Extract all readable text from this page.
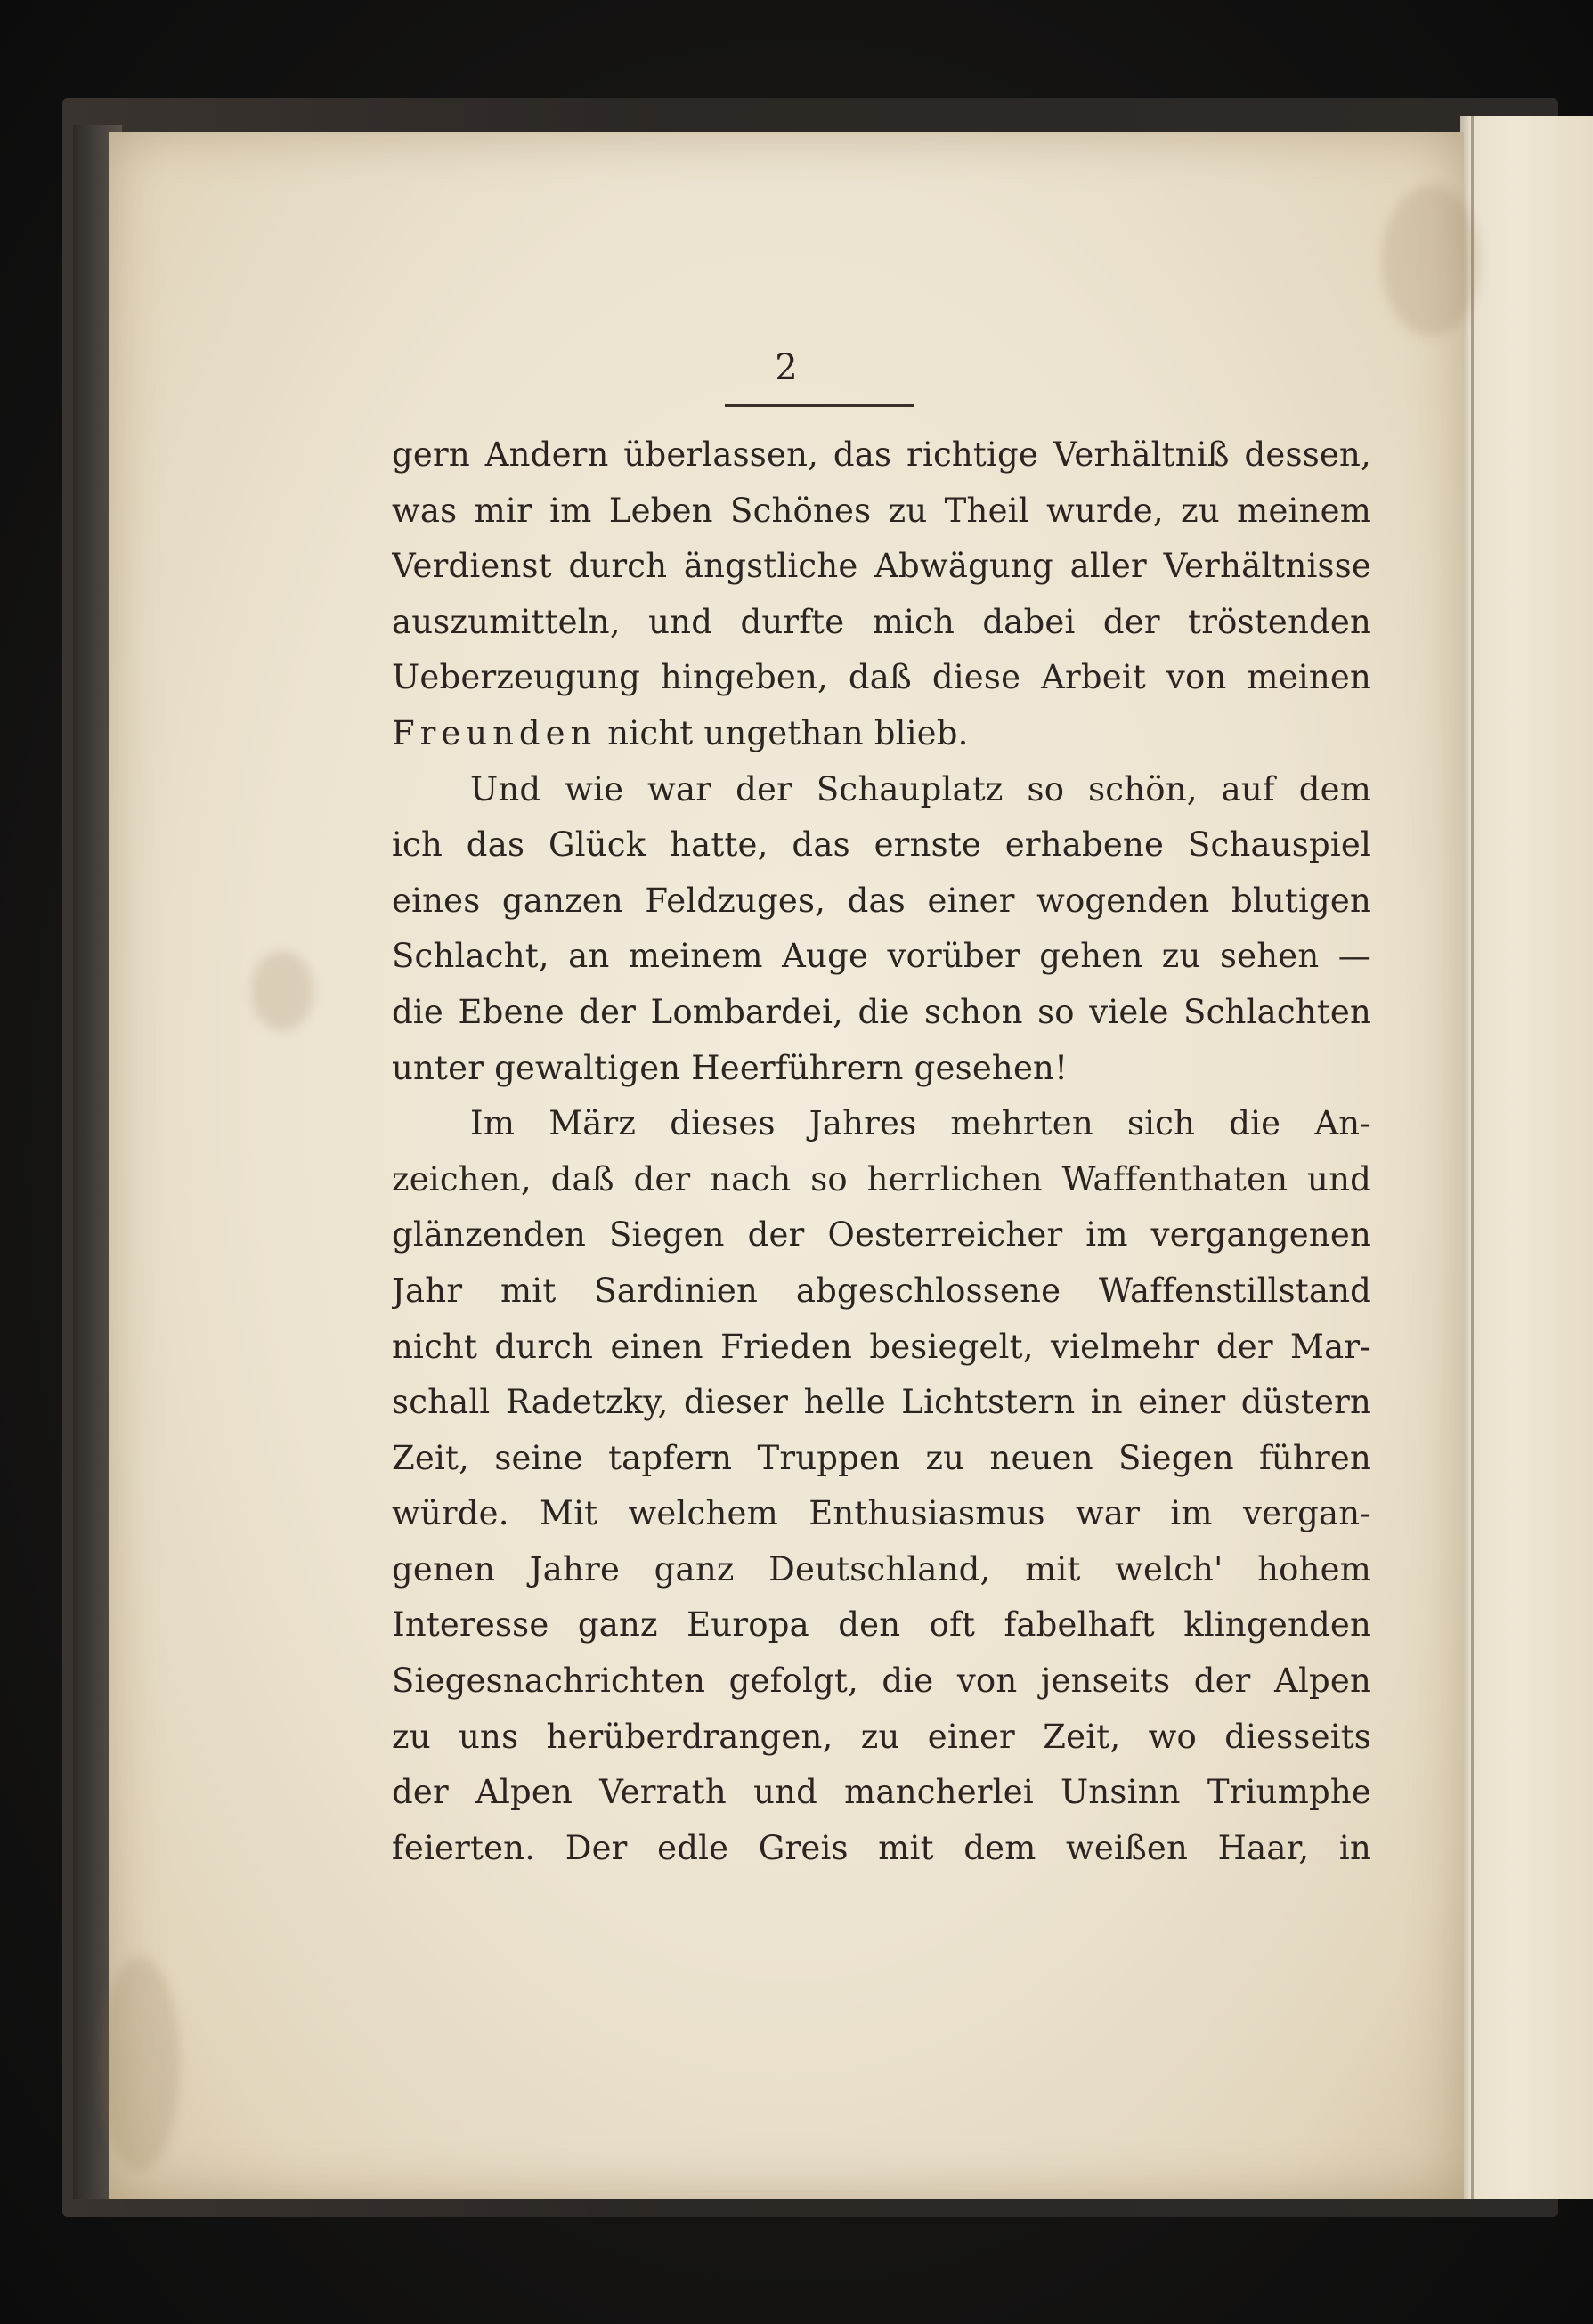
2

gern Andern überlassen, das richtige Verhältniß dessen,
was mir im Leben Schönes zu Theil wurde, zu meinem
Verdienst durch ängstliche Abwägung aller Verhältnisse
auszumitteln, und durfte mich dabei der tröstenden
Ueberzeugung hingeben, daß diese Arbeit von meinen
Freunden nicht ungethan blieb.
Und wie war der Schauplatz so schön, auf dem
ich das Glück hatte, das ernste erhabene Schauspiel
eines ganzen Feldzuges, das einer wogenden blutigen
Schlacht, an meinem Auge vorüber gehen zu sehen —
die Ebene der Lombardei, die schon so viele Schlachten
unter gewaltigen Heerführern gesehen!
Im März dieses Jahres mehrten sich die An-
zeichen, daß der nach so herrlichen Waffenthaten und
glänzenden Siegen der Oesterreicher im vergangenen
Jahr mit Sardinien abgeschlossene Waffenstillstand
nicht durch einen Frieden besiegelt, vielmehr der Mar-
schall Radetzky, dieser helle Lichtstern in einer düstern
Zeit, seine tapfern Truppen zu neuen Siegen führen
würde. Mit welchem Enthusiasmus war im vergan-
genen Jahre ganz Deutschland, mit welch' hohem
Interesse ganz Europa den oft fabelhaft klingenden
Siegesnachrichten gefolgt, die von jenseits der Alpen
zu uns herüberdrangen, zu einer Zeit, wo diesseits
der Alpen Verrath und mancherlei Unsinn Triumphe
feierten. Der edle Greis mit dem weißen Haar, in
